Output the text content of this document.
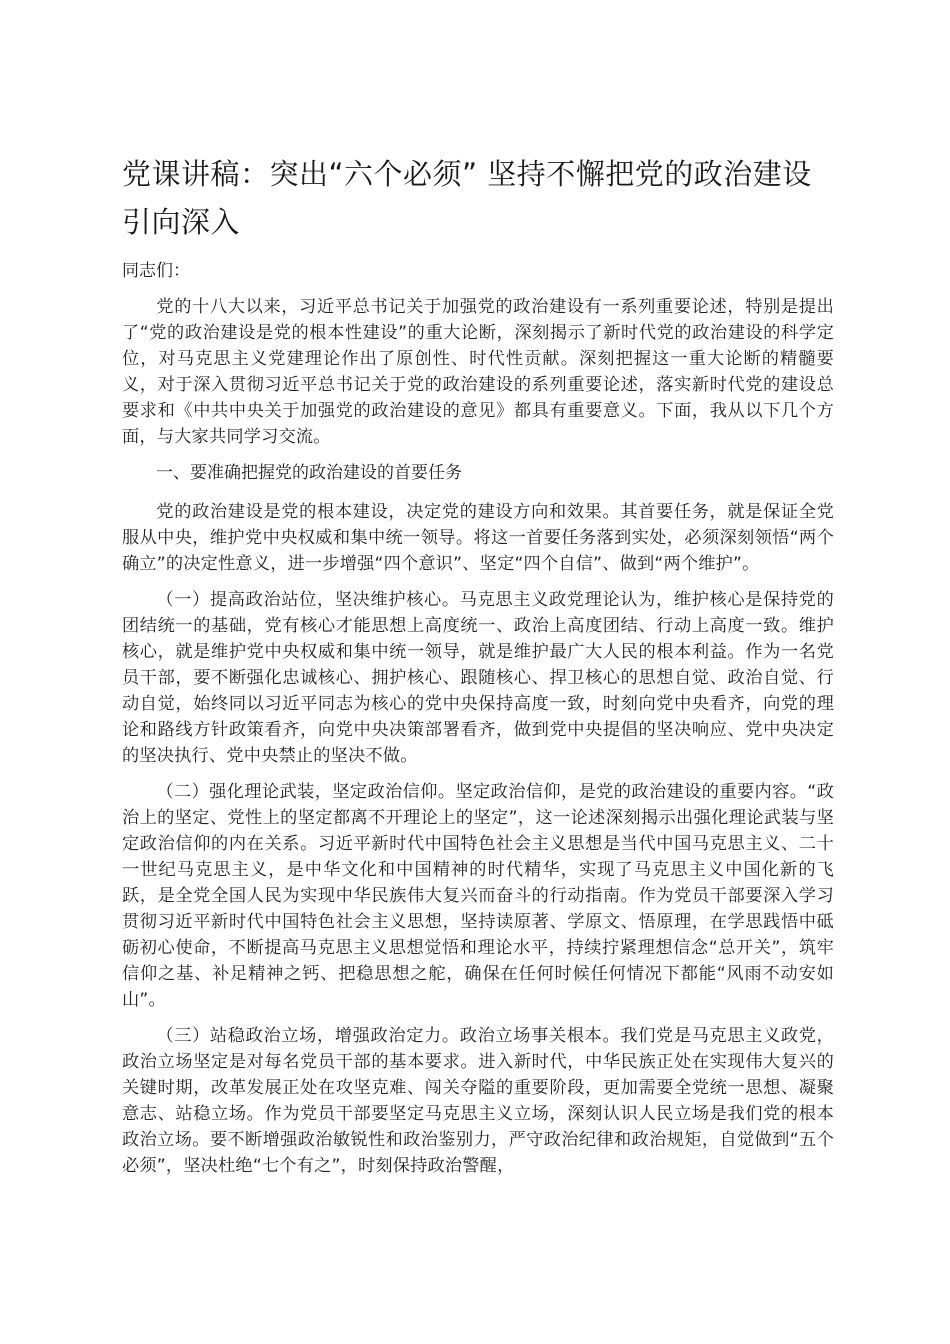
党课讲稿：突出“六个必须” 坚持不懈把党的政治建设引向深入

同志们：

党的十八大以来，习近平总书记关于加强党的政治建设有一系列重要论述，特别是提出了“党的政治建设是党的根本性建设”的重大论断，深刻揭示了新时代党的政治建设的科学定位，对马克思主义党建理论作出了原创性、时代性贡献。深刻把握这一重大论断的精髓要义，对于深入贯彻习近平总书记关于党的政治建设的系列重要论述，落实新时代党的建设总要求和《中共中央关于加强党的政治建设的意见》都具有重要意义。下面，我从以下几个方面，与大家共同学习交流。

一、要准确把握党的政治建设的首要任务

党的政治建设是党的根本建设，决定党的建设方向和效果。其首要任务，就是保证全党服从中央，维护党中央权威和集中统一领导。将这一首要任务落到实处，必须深刻领悟“两个确立”的决定性意义，进一步增强“四个意识”、坚定“四个自信”、做到“两个维护”。

（一）提高政治站位，坚决维护核心。马克思主义政党理论认为，维护核心是保持党的团结统一的基础，党有核心才能思想上高度统一、政治上高度团结、行动上高度一致。维护核心，就是维护党中央权威和集中统一领导，就是维护最广大人民的根本利益。作为一名党员干部，要不断强化忠诚核心、拥护核心、跟随核心、捍卫核心的思想自觉、政治自觉、行动自觉，始终同以习近平同志为核心的党中央保持高度一致，时刻向党中央看齐，向党的理论和路线方针政策看齐，向党中央决策部署看齐，做到党中央提倡的坚决响应、党中央决定的坚决执行、党中央禁止的坚决不做。

（二）强化理论武装，坚定政治信仰。坚定政治信仰，是党的政治建设的重要内容。“政治上的坚定、党性上的坚定都离不开理论上的坚定”，这一论述深刻揭示出强化理论武装与坚定政治信仰的内在关系。习近平新时代中国特色社会主义思想是当代中国马克思主义、二十一世纪马克思主义，是中华文化和中国精神的时代精华，实现了马克思主义中国化新的飞跃，是全党全国人民为实现中华民族伟大复兴而奋斗的行动指南。作为党员干部要深入学习贯彻习近平新时代中国特色社会主义思想，坚持读原著、学原文、悟原理，在学思践悟中砥砺初心使命，不断提高马克思主义思想觉悟和理论水平，持续拧紧理想信念“总开关”，筑牢信仰之基、补足精神之钙、把稳思想之舵，确保在任何时候任何情况下都能“风雨不动安如山”。

（三）站稳政治立场，增强政治定力。政治立场事关根本。我们党是马克思主义政党，政治立场坚定是对每名党员干部的基本要求。进入新时代，中华民族正处在实现伟大复兴的关键时期，改革发展正处在攻坚克难、闯关夺隘的重要阶段，更加需要全党统一思想、凝聚意志、站稳立场。作为党员干部要坚定马克思主义立场，深刻认识人民立场是我们党的根本政治立场。要不断增强政治敏锐性和政治鉴别力，严守政治纪律和政治规矩，自觉做到“五个必须”，坚决杜绝“七个有之”，时刻保持政治警醒，
